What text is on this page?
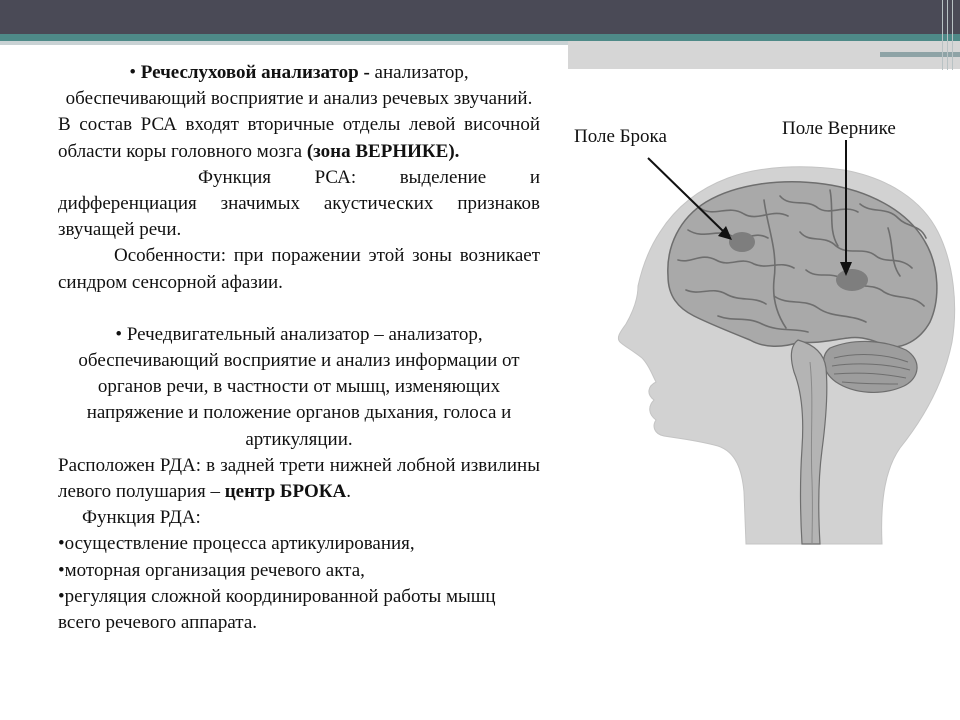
• Речеслуховой анализатор - анализатор, обеспечивающий восприятие и анализ речевых звучаний.

В состав РСА входят вторичные отделы левой височной области коры головного мозга (зона ВЕРНИКЕ).

Функция РСА: выделение и дифференциация значимых акустических признаков звучащей речи.

Особенности: при поражении этой зоны возникает синдром сенсорной афазии.

• Речедвигательный анализатор – анализатор, обеспечивающий восприятие и анализ информации от органов речи, в частности от мышц, изменяющих напряжение и положение органов дыхания, голоса и артикуляции.

Расположен РДА: в задней трети нижней лобной извилины левого полушария – центр БРОКА.

Функция РДА:

•осуществление процесса артикулирования,

•моторная организация речевого акта,

•регуляция сложной координированной работы мышц всего речевого аппарата.

Поле Брока	Поле Вернике
